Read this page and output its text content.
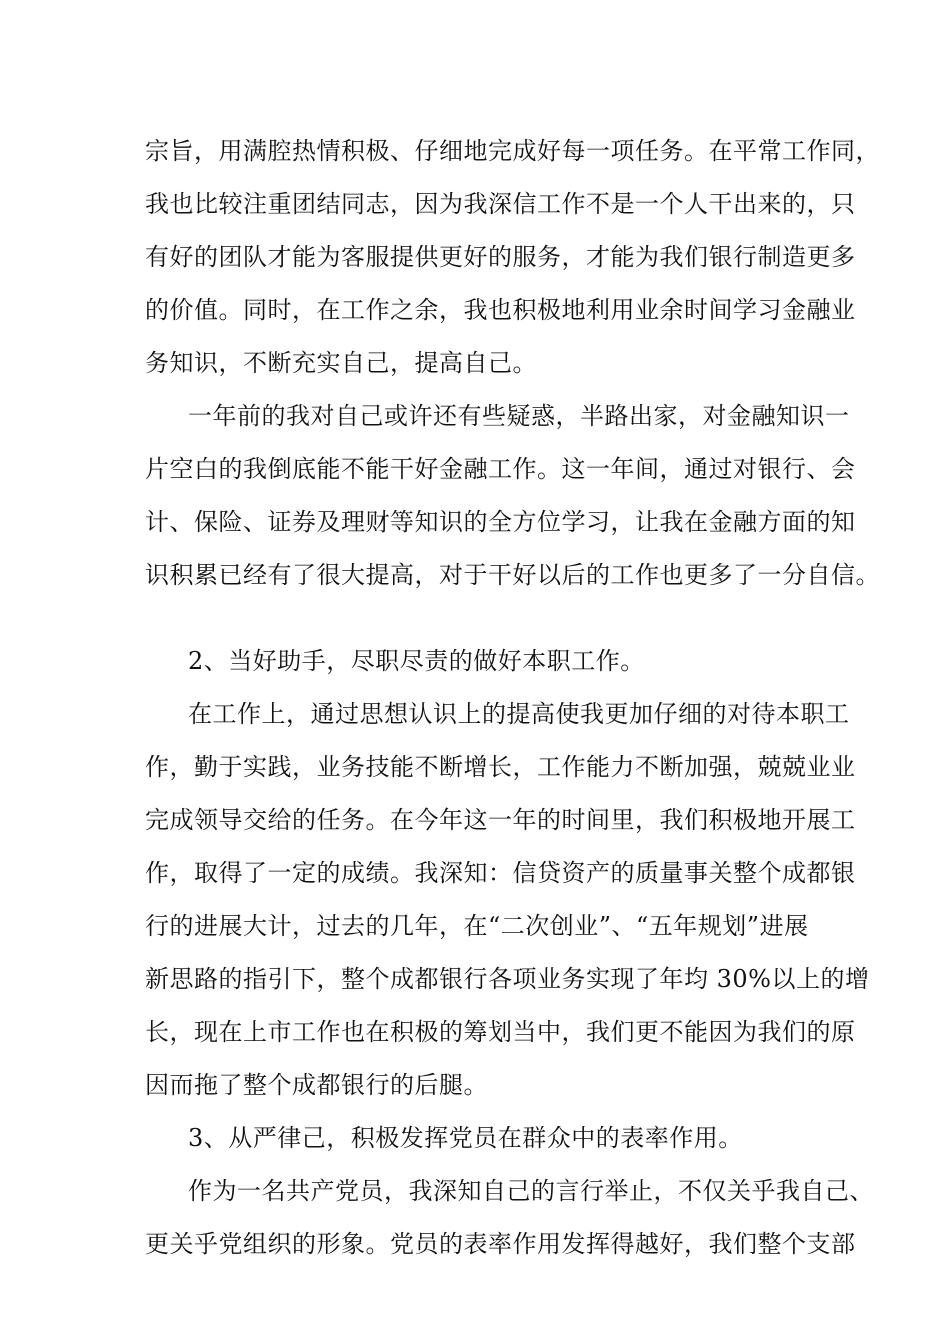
宗旨，用满腔热情积极、仔细地完成好每一项任务。在平常工作同，

我也比较注重团结同志，因为我深信工作不是一个人干出来的，只

有好的团队才能为客服提供更好的服务，才能为我们银行制造更多

的价值。同时，在工作之余，我也积极地利用业余时间学习金融业

务知识，不断充实自己，提高自己。

一年前的我对自己或许还有些疑惑，半路出家，对金融知识一

片空白的我倒底能不能干好金融工作。这一年间，通过对银行、会

计、保险、证券及理财等知识的全方位学习，让我在金融方面的知

识积累已经有了很大提高，对于干好以后的工作也更多了一分自信。

2、当好助手，尽职尽责的做好本职工作。

在工作上，通过思想认识上的提高使我更加仔细的对待本职工

作，勤于实践，业务技能不断增长，工作能力不断加强，兢兢业业

完成领导交给的任务。在今年这一年的时间里，我们积极地开展工

作，取得了一定的成绩。我深知：信贷资产的质量事关整个成都银

行的进展大计，过去的几年，在“二次创业”、“五年规划”进展

新思路的指引下，整个成都银行各项业务实现了年均 30%以上的增

长，现在上市工作也在积极的筹划当中，我们更不能因为我们的原

因而拖了整个成都银行的后腿。

3、从严律己，积极发挥党员在群众中的表率作用。

作为一名共产党员，我深知自己的言行举止，不仅关乎我自己、

更关乎党组织的形象。党员的表率作用发挥得越好，我们整个支部
